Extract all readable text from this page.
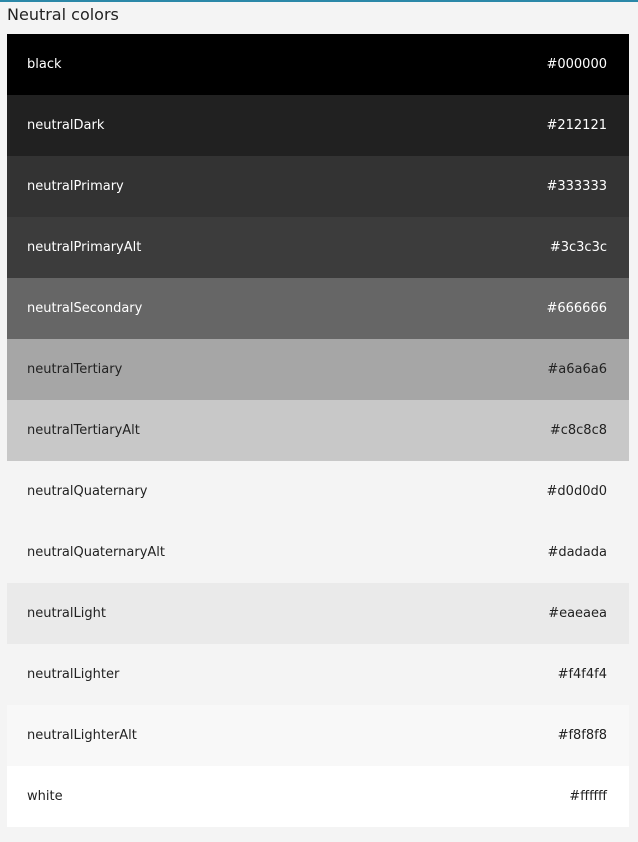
Neutral colors
black	#000000
neutralDark	#212121
neutralPrimary	#333333
neutralPrimaryAlt	#3c3c3c
neutralSecondary	#666666
neutralTertiary	#a6a6a6
neutralTertiaryAlt	#c8c8c8
neutralQuaternary	#d0d0d0
neutralQuaternaryAlt	#dadada
neutralLight	#eaeaea
neutralLighter	#f4f4f4
neutralLighterAlt	#f8f8f8
white	#ffffff
